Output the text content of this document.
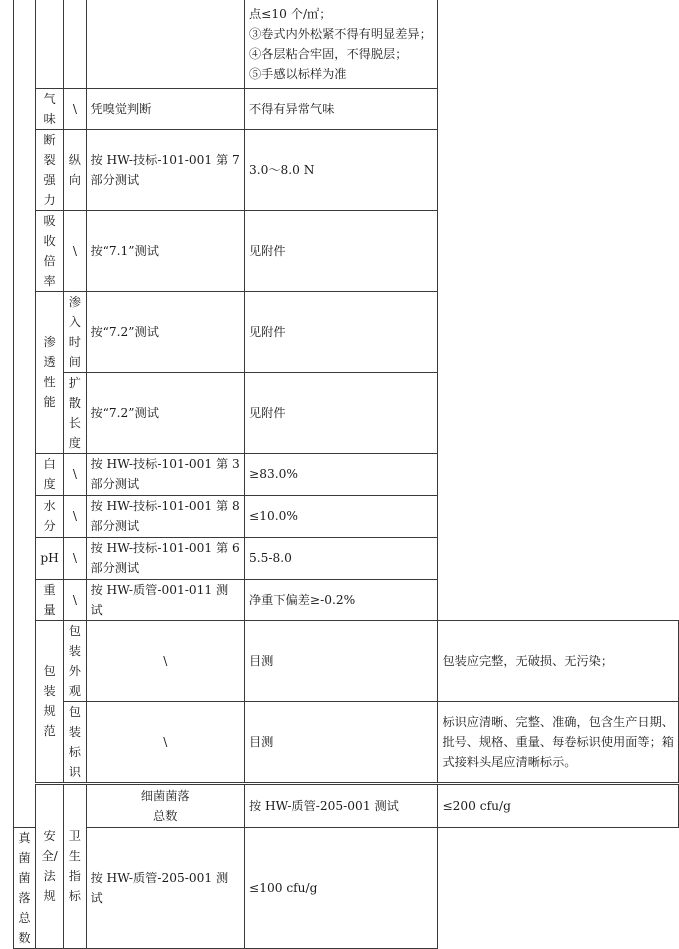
				点≤10 个/㎡；
③卷式内外松紧不得有明显差异；
④各层粘合牢固，不得脱层；
⑤手感以标样为准	

	气味	\	凭嗅觉判断	不得有异常气味	

	断裂强
力	纵向	按 HW-技标-101-001 第 7
部分测试	3.0～8.0 N	

	吸收倍
率	\	按“7.1”测试	见附件	

	渗透性
能	渗入时间	按“7.2”测试	见附件	
		扩散长度	按“7.2”测试	见附件	
	白度	\	按 HW-技标-101-001 第 3
部分测试	≥83.0%	
	水分	\	按 HW-技标-101-001 第 8
部分测试	≤10.0%	
	pH	\	按 HW-技标-101-001 第 6
部分测试	5.5-8.0	
	重量	\	按 HW-质管-001-011 测试	净重下偏差≥-0.2%	

	包装规
范	包装外
观	\	目测	包装应完整，无破损、无污染；

		包装标
识	\	目测	标识应清晰、完整、准确，包含生产日期、
批号、规格、重量、每卷标识使用面等；箱
式接料头尾应清晰标示。

	安全/法
规	卫生指
标	细菌菌落
总数	按 HW-质管-205-001 测试	≤200 cfu/g

真菌菌落
总数			按 HW-质管-205-001 测试	≤100 cfu/g	
